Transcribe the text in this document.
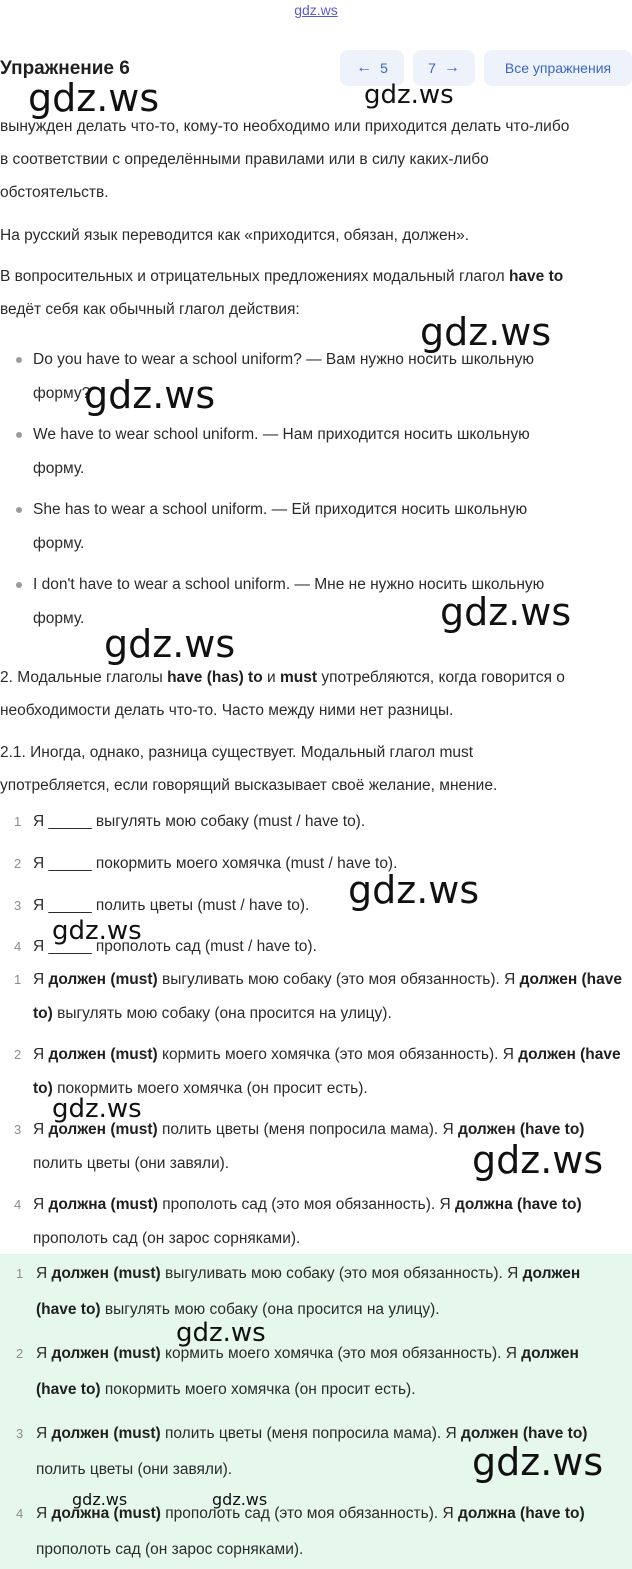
gdz.ws
Упражнение 6	← 5	7 →	Все упражнения
вынужден делать что-то, кому-то необходимо или приходится делать что-либо
в соответствии с определёнными правилами или в силу каких-либо
обстоятельств.
На русский язык переводится как «приходится, обязан, должен».
В вопросительных и отрицательных предложениях модальный глагол have to
ведёт себя как обычный глагол действия:
Do you have to wear a school uniform? — Вам нужно носить школьную
форму?
We have to wear school uniform. — Нам приходится носить школьную
форму.
She has to wear a school uniform. — Ей приходится носить школьную
форму.
I don't have to wear a school uniform. — Мне не нужно носить школьную
форму.
2. Модальные глаголы have (has) to и must употребляются, когда говорится о
необходимости делать что-то. Часто между ними нет разницы.
2.1. Иногда, однако, разница существует. Модальный глагол must
употребляется, если говорящий высказывает своё желание, мнение.
1 Я _____ выгулять мою собаку (must / have to).
2 Я _____ покормить моего хомячка (must / have to).
3 Я _____ полить цветы (must / have to).
4 Я _____ прополоть сад (must / have to).
1 Я должен (must) выгуливать мою собаку (это моя обязанность). Я должен (have to) выгулять мою собаку (она просится на улицу).
2 Я должен (must) кормить моего хомячка (это моя обязанность). Я должен (have to) покормить моего хомячка (он просит есть).
3 Я должен (must) полить цветы (меня попросила мама). Я должен (have to) полить цветы (они завяли).
4 Я должна (must) прополоть сад (это моя обязанность). Я должна (have to) прополоть сад (он зарос сорняками).
1 Я должен (must) выгуливать мою собаку (это моя обязанность). Я должен (have to) выгулять мою собаку (она просится на улицу).
2 Я должен (must) кормить моего хомячка (это моя обязанность). Я должен (have to) покормить моего хомячка (он просит есть).
3 Я должен (must) полить цветы (меня попросила мама). Я должен (have to) полить цветы (они завяли).
4 Я должна (must) прополоть сад (это моя обязанность). Я должна (have to) прополоть сад (он зарос сорняками).
gdz.ws	gdz.ws
gdz.ws
gdz.ws
gdz.ws
gdz.ws
gdz.ws
gdz.ws
gdz.ws
gdz.ws
gdz.ws
gdz.ws
gdz.ws	gdz.ws
